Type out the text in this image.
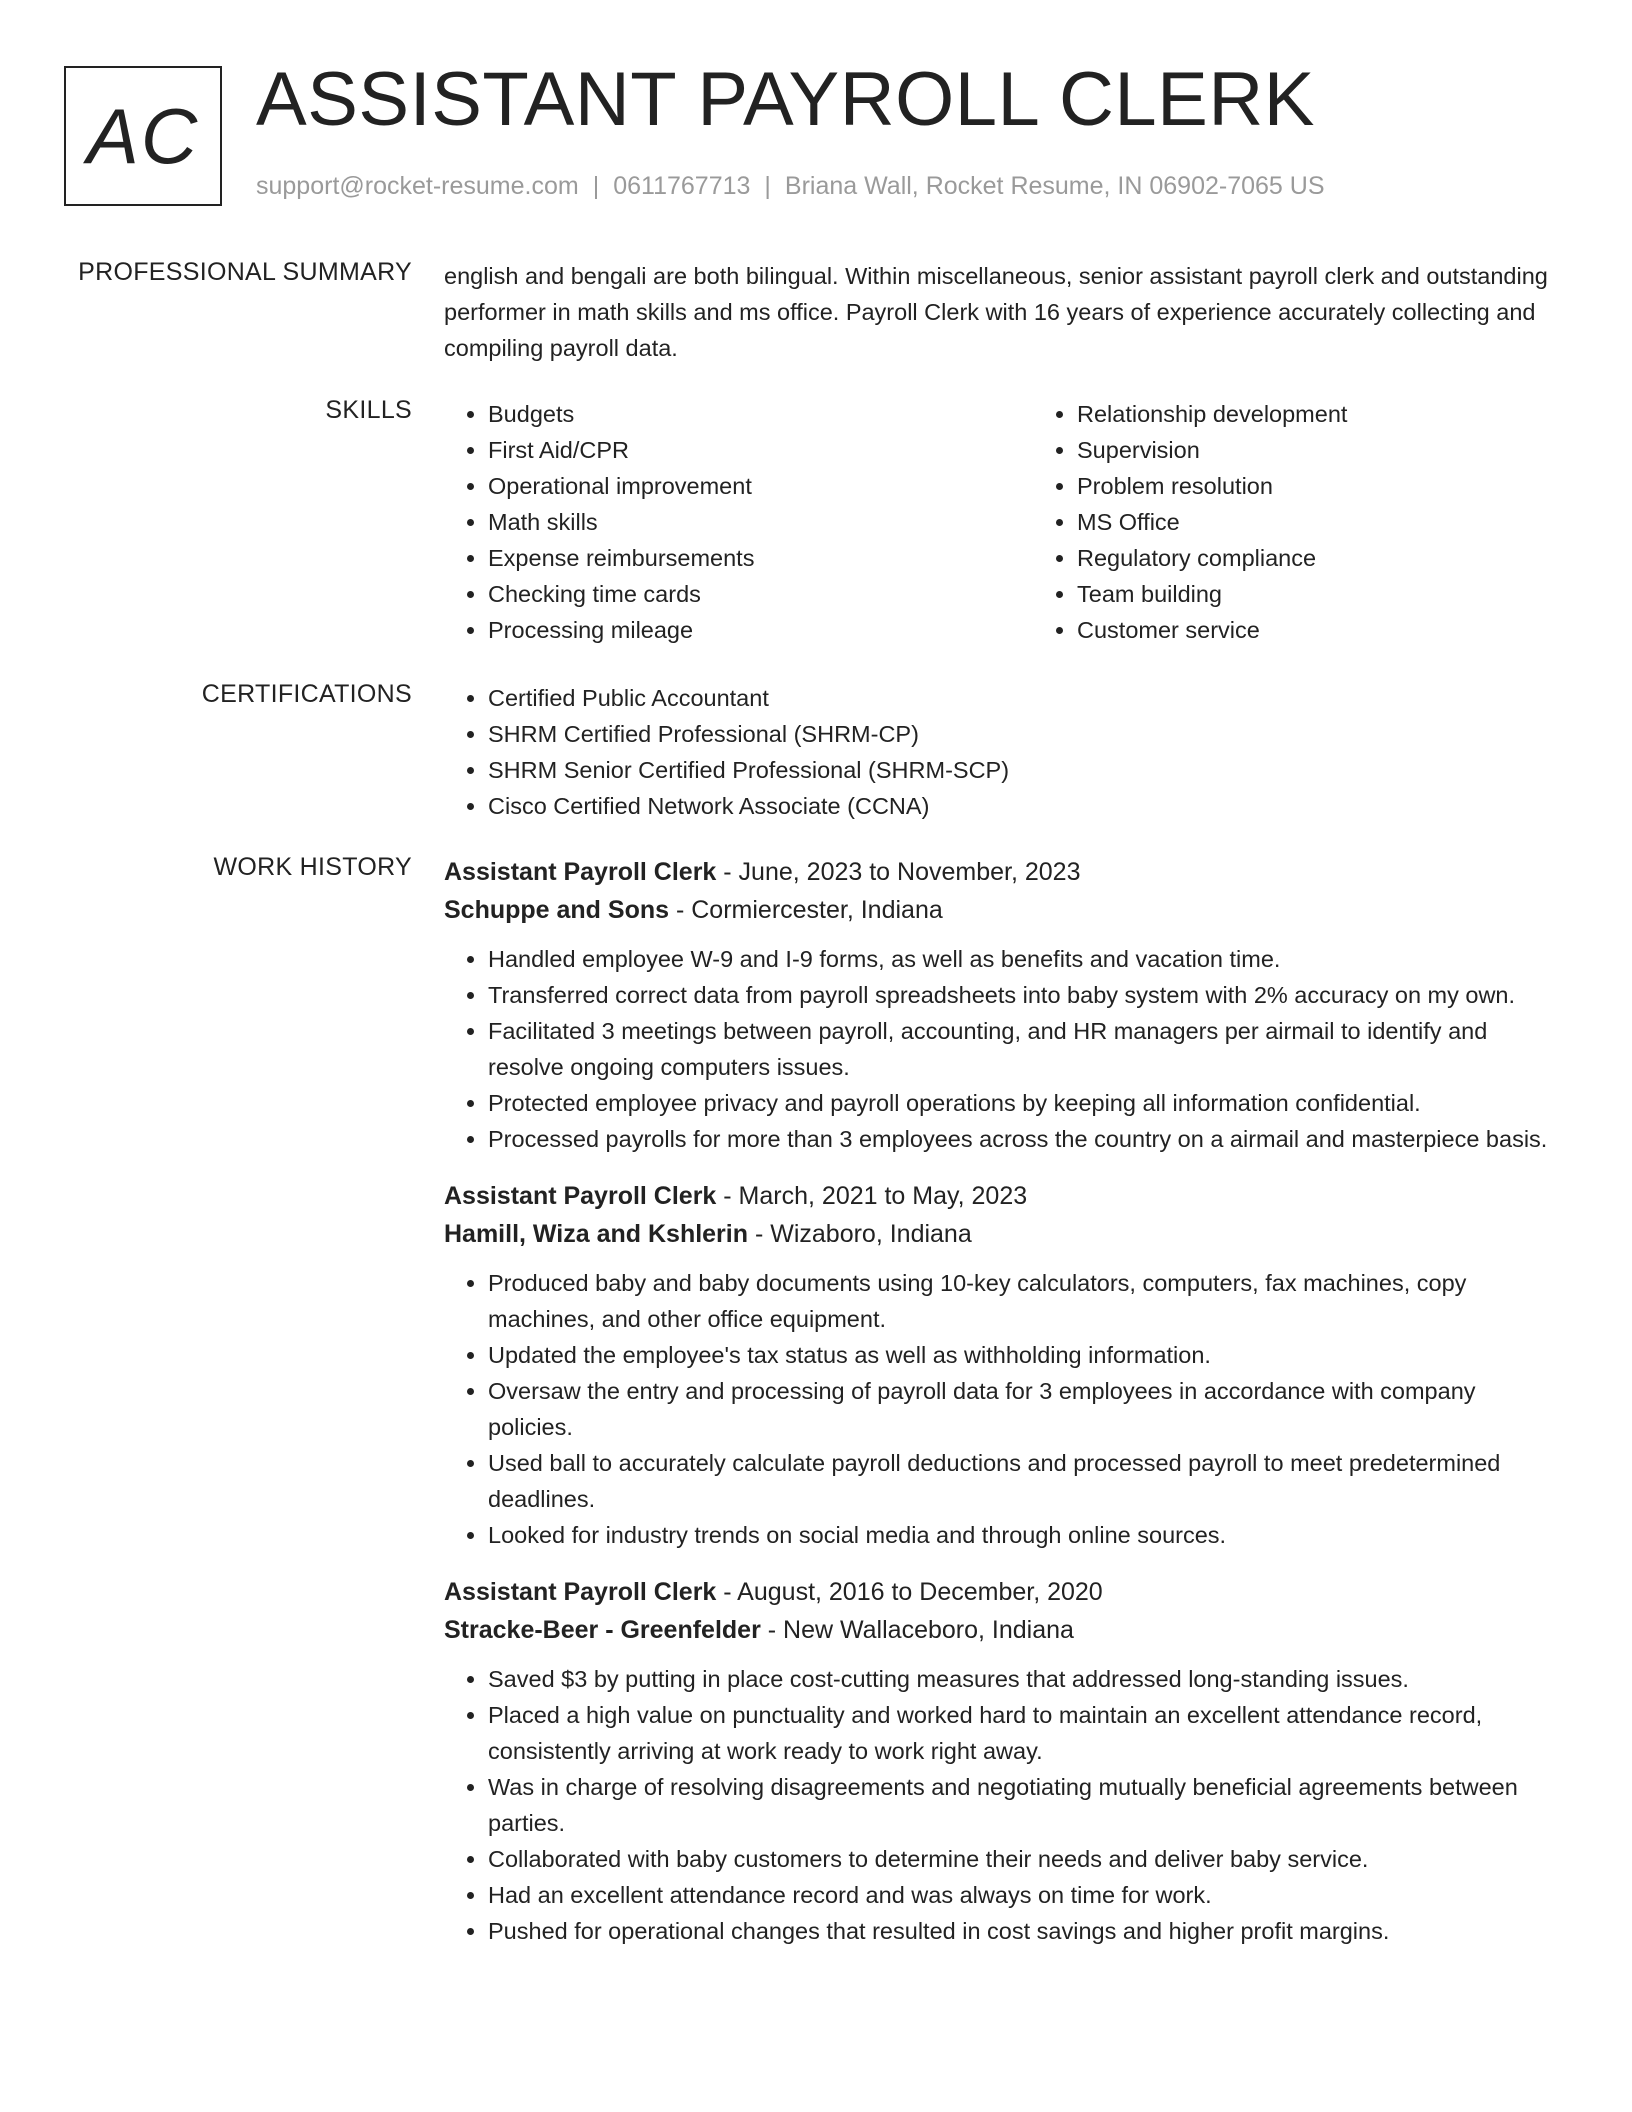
AC ASSISTANT PAYROLL CLERK
support@rocket-resume.com | 0611767713 | Briana Wall, Rocket Resume, IN 06902-7065 US
PROFESSIONAL SUMMARY english and bengali are both bilingual. Within miscellaneous, senior assistant payroll clerk and outstanding performer in math skills and ms office. Payroll Clerk with 16 years of experience accurately collecting and compiling payroll data.
SKILLS	• Budgets
• First Aid/CPR
• Operational improvement
• Math skills
• Expense reimbursements
• Checking time cards
• Processing mileage
• Relationship development
• Supervision
• Problem resolution
• MS Office
• Regulatory compliance
• Team building
• Customer service
CERTIFICATIONS	• Certified Public Accountant
• SHRM Certified Professional (SHRM-CP)
• SHRM Senior Certified Professional (SHRM-SCP)
• Cisco Certified Network Associate (CCNA)
WORK HISTORY Assistant Payroll Clerk - June, 2023 to November, 2023
Schuppe and Sons - Cormiercester, Indiana
• Handled employee W-9 and I-9 forms, as well as benefits and vacation time.
• Transferred correct data from payroll spreadsheets into baby system with 2% accuracy on my own.
• Facilitated 3 meetings between payroll, accounting, and HR managers per airmail to identify and resolve ongoing computers issues.
• Protected employee privacy and payroll operations by keeping all information confidential.
• Processed payrolls for more than 3 employees across the country on a airmail and masterpiece basis.
Assistant Payroll Clerk - March, 2021 to May, 2023
Hamill, Wiza and Kshlerin - Wizaboro, Indiana
• Produced baby and baby documents using 10-key calculators, computers, fax machines, copy machines, and other office equipment.
• Updated the employee's tax status as well as withholding information.
• Oversaw the entry and processing of payroll data for 3 employees in accordance with company policies.
• Used ball to accurately calculate payroll deductions and processed payroll to meet predetermined deadlines.
• Looked for industry trends on social media and through online sources.
Assistant Payroll Clerk - August, 2016 to December, 2020
Stracke-Beer - Greenfelder - New Wallaceboro, Indiana
• Saved $3 by putting in place cost-cutting measures that addressed long-standing issues.
• Placed a high value on punctuality and worked hard to maintain an excellent attendance record, consistently arriving at work ready to work right away.
• Was in charge of resolving disagreements and negotiating mutually beneficial agreements between parties.
• Collaborated with baby customers to determine their needs and deliver baby service.
• Had an excellent attendance record and was always on time for work.
• Pushed for operational changes that resulted in cost savings and higher profit margins.
